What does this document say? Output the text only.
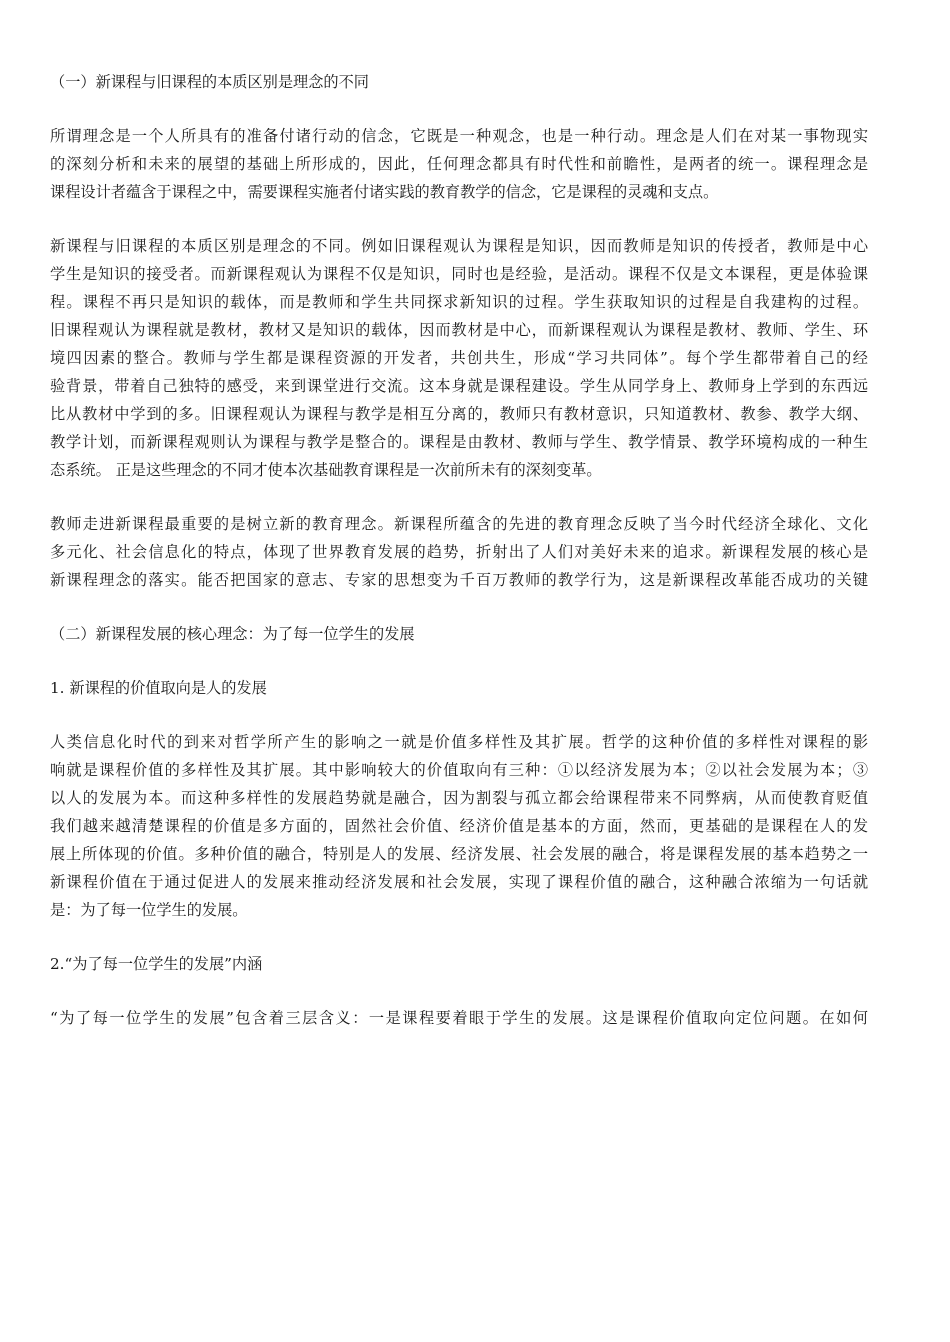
（一）新课程与旧课程的本质区别是理念的不同
所谓理念是一个人所具有的准备付诸行动的信念，它既是一种观念，也是一种行动。理念是人们在对某一事物现实
的深刻分析和未来的展望的基础上所形成的，因此，任何理念都具有时代性和前瞻性，是两者的统一。课程理念是
课程设计者蕴含于课程之中，需要课程实施者付诸实践的教育教学的信念，它是课程的灵魂和支点。
新课程与旧课程的本质区别是理念的不同。例如旧课程观认为课程是知识，因而教师是知识的传授者，教师是中心
学生是知识的接受者。而新课程观认为课程不仅是知识，同时也是经验，是活动。课程不仅是文本课程，更是体验课
程。课程不再只是知识的载体，而是教师和学生共同探求新知识的过程。学生获取知识的过程是自我建构的过程。
旧课程观认为课程就是教材，教材又是知识的载体，因而教材是中心，而新课程观认为课程是教材、教师、学生、环
境四因素的整合。教师与学生都是课程资源的开发者，共创共生，形成“学习共同体”。每个学生都带着自己的经
验背景，带着自己独特的感受，来到课堂进行交流。这本身就是课程建设。学生从同学身上、教师身上学到的东西远
比从教材中学到的多。旧课程观认为课程与教学是相互分离的，教师只有教材意识，只知道教材、教参、教学大纲、
教学计划，而新课程观则认为课程与教学是整合的。课程是由教材、教师与学生、教学情景、教学环境构成的一种生
态系统。 正是这些理念的不同才使本次基础教育课程是一次前所未有的深刻变革。
教师走进新课程最重要的是树立新的教育理念。新课程所蕴含的先进的教育理念反映了当今时代经济全球化、文化
多元化、社会信息化的特点，体现了世界教育发展的趋势，折射出了人们对美好未来的追求。新课程发展的核心是
新课程理念的落实。能否把国家的意志、专家的思想变为千百万教师的教学行为，这是新课程改革能否成功的关键
（二）新课程发展的核心理念：为了每一位学生的发展
1. 新课程的价值取向是人的发展
人类信息化时代的到来对哲学所产生的影响之一就是价值多样性及其扩展。哲学的这种价值的多样性对课程的影
响就是课程价值的多样性及其扩展。其中影响较大的价值取向有三种：①以经济发展为本；②以社会发展为本；③
以人的发展为本。而这种多样性的发展趋势就是融合，因为割裂与孤立都会给课程带来不同弊病，从而使教育贬值
我们越来越清楚课程的价值是多方面的，固然社会价值、经济价值是基本的方面，然而，更基础的是课程在人的发
展上所体现的价值。多种价值的融合，特别是人的发展、经济发展、社会发展的融合，将是课程发展的基本趋势之一
新课程价值在于通过促进人的发展来推动经济发展和社会发展，实现了课程价值的融合，这种融合浓缩为一句话就
是：为了每一位学生的发展。
2.“为了每一位学生的发展”内涵
“为了每一位学生的发展”包含着三层含义：一是课程要着眼于学生的发展。这是课程价值取向定位问题。在如何
